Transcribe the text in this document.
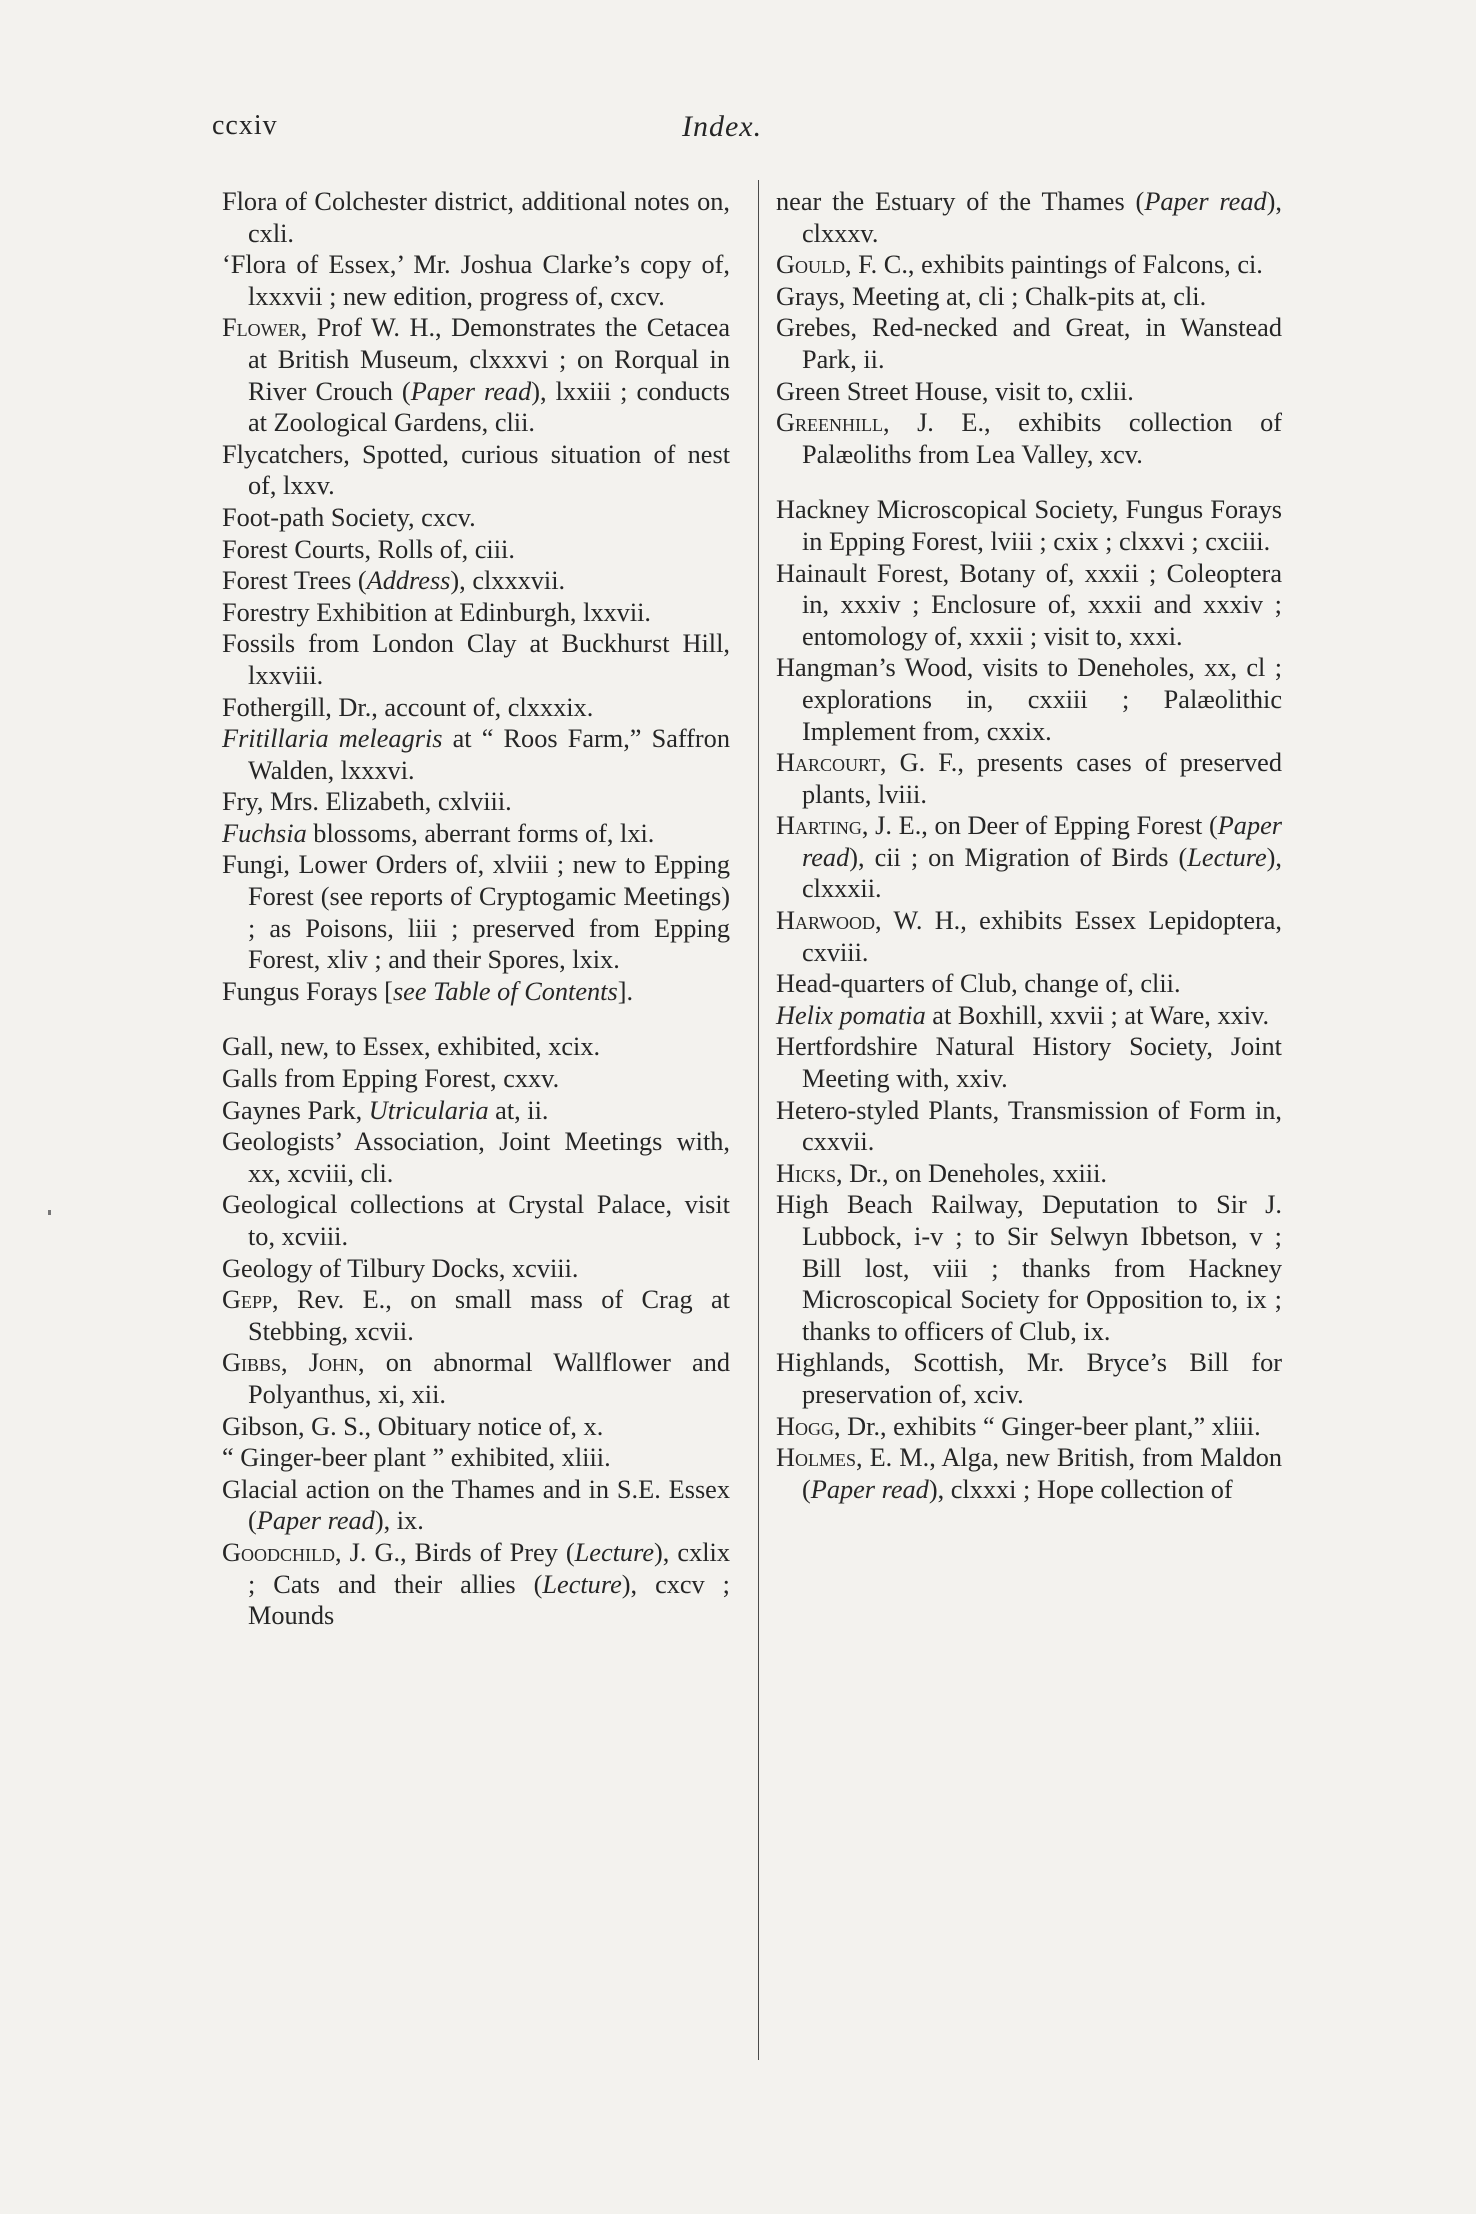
ccxiv	Index.

Flora of Colchester district, additional notes on, cxli.

‘Flora of Essex,’ Mr. Joshua Clarke’s copy of, lxxxvii ; new edition, progress of, cxcv.

Flower, Prof W. H., Demonstrates the Cetacea at British Museum, clxxxvi ; on Rorqual in River Crouch (Paper read), lxxiii ; conducts at Zoological Gardens, clii.

Flycatchers, Spotted, curious situation of nest of, lxxv.

Foot-path Society, cxcv.

Forest Courts, Rolls of, ciii.

Forest Trees (Address), clxxxvii.

Forestry Exhibition at Edinburgh, lxxvii.

Fossils from London Clay at Buckhurst Hill, lxxviii.

Fothergill, Dr., account of, clxxxix.

Fritillaria meleagris at “ Roos Farm,” Saffron Walden, lxxxvi.

Fry, Mrs. Elizabeth, cxlviii.

Fuchsia blossoms, aberrant forms of, lxi.

Fungi, Lower Orders of, xlviii ; new to Epping Forest (see reports of Cryptogamic Meetings) ; as Poisons, liii ; preserved from Epping Forest, xliv ; and their Spores, lxix.

Fungus Forays [see Table of Contents].

Gall, new, to Essex, exhibited, xcix.

Galls from Epping Forest, cxxv.

Gaynes Park, Utricularia at, ii.

Geologists’ Association, Joint Meetings with, xx, xcviii, cli.

Geological collections at Crystal Palace, visit to, xcviii.

Geology of Tilbury Docks, xcviii.

Gepp, Rev. E., on small mass of Crag at Stebbing, xcvii.

Gibbs, John, on abnormal Wallflower and Polyanthus, xi, xii.

Gibson, G. S., Obituary notice of, x.

“ Ginger-beer plant ” exhibited, xliii.

Glacial action on the Thames and in S.E. Essex (Paper read), ix.

Goodchild, J. G., Birds of Prey (Lecture), cxlix ; Cats and their allies (Lecture), cxcv ; Mounds

near the Estuary of the Thames (Paper read), clxxxv.

Gould, F. C., exhibits paintings of Falcons, ci.

Grays, Meeting at, cli ; Chalk-pits at, cli.

Grebes, Red-necked and Great, in Wanstead Park, ii.

Green Street House, visit to, cxlii.

Greenhill, J. E., exhibits collection of Palæoliths from Lea Valley, xcv.

Hackney Microscopical Society, Fungus Forays in Epping Forest, lviii ; cxix ; clxxvi ; cxciii.

Hainault Forest, Botany of, xxxii ; Coleoptera in, xxxiv ; Enclosure of, xxxii and xxxiv ; entomology of, xxxii ; visit to, xxxi.

Hangman’s Wood, visits to Deneholes, xx, cl ; explorations in, cxxiii ; Palæolithic Implement from, cxxix.

Harcourt, G. F., presents cases of preserved plants, lviii.

Harting, J. E., on Deer of Epping Forest (Paper read), cii ; on Migration of Birds (Lecture), clxxxii.

Harwood, W. H., exhibits Essex Lepidoptera, cxviii.

Head-quarters of Club, change of, clii.

Helix pomatia at Boxhill, xxvii ; at Ware, xxiv.

Hertfordshire Natural History Society, Joint Meeting with, xxiv.

Hetero-styled Plants, Transmission of Form in, cxxvii.

Hicks, Dr., on Deneholes, xxiii.

High Beach Railway, Deputation to Sir J. Lubbock, i-v ; to Sir Selwyn Ibbetson, v ; Bill lost, viii ; thanks from Hackney Microscopical Society for Opposition to, ix ; thanks to officers of Club, ix.

Highlands, Scottish, Mr. Bryce’s Bill for preservation of, xciv.

Hogg, Dr., exhibits “ Ginger-beer plant,” xliii.

Holmes, E. M., Alga, new British, from Maldon (Paper read), clxxxi ; Hope collection of
